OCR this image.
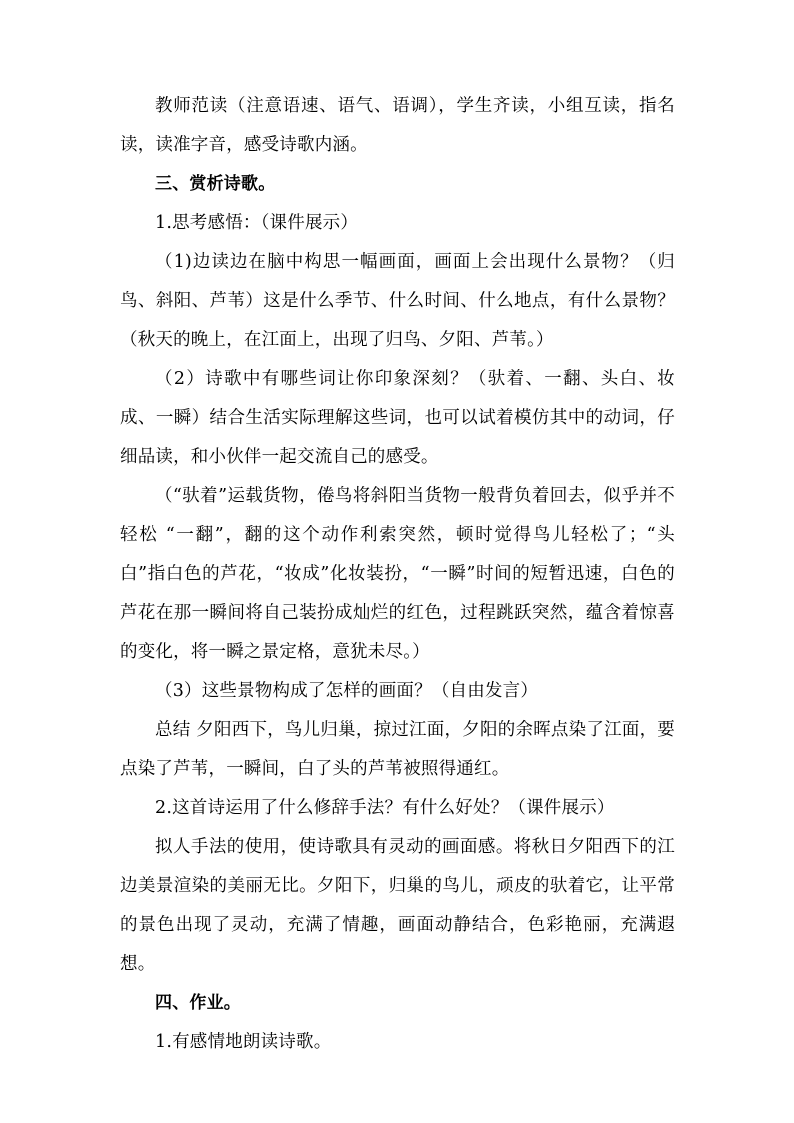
教师范读（注意语速、语气、语调），学生齐读，小组互读，指名读，读准字音，感受诗歌内涵。

三、赏析诗歌。

1.思考感悟：（课件展示）

（1)边读边在脑中构思一幅画面，画面上会出现什么景物？（归鸟、斜阳、芦苇）这是什么季节、什么时间、什么地点，有什么景物？（秋天的晚上，在江面上，出现了归鸟、夕阳、芦苇。）

（2）诗歌中有哪些词让你印象深刻？（驮着、一翻、头白、妆成、一瞬）结合生活实际理解这些词，也可以试着模仿其中的动词，仔细品读，和小伙伴一起交流自己的感受。

（“驮着”运载货物，倦鸟将斜阳当货物一般背负着回去，似乎并不轻松 “一翻”，翻的这个动作利索突然，顿时觉得鸟儿轻松了；“头白”指白色的芦花，“妆成”化妆装扮，“一瞬”时间的短暂迅速，白色的芦花在那一瞬间将自己装扮成灿烂的红色，过程跳跃突然，蕴含着惊喜的变化，将一瞬之景定格，意犹未尽。）

（3）这些景物构成了怎样的画面？（自由发言）

总结 夕阳西下，鸟儿归巢，掠过江面，夕阳的余晖点染了江面，要点染了芦苇，一瞬间，白了头的芦苇被照得通红。

2.这首诗运用了什么修辞手法？有什么好处？（课件展示）

拟人手法的使用，使诗歌具有灵动的画面感。将秋日夕阳西下的江边美景渲染的美丽无比。夕阳下，归巢的鸟儿，顽皮的驮着它，让平常的景色出现了灵动，充满了情趣，画面动静结合，色彩艳丽，充满遐想。

四、作业。

1.有感情地朗读诗歌。
